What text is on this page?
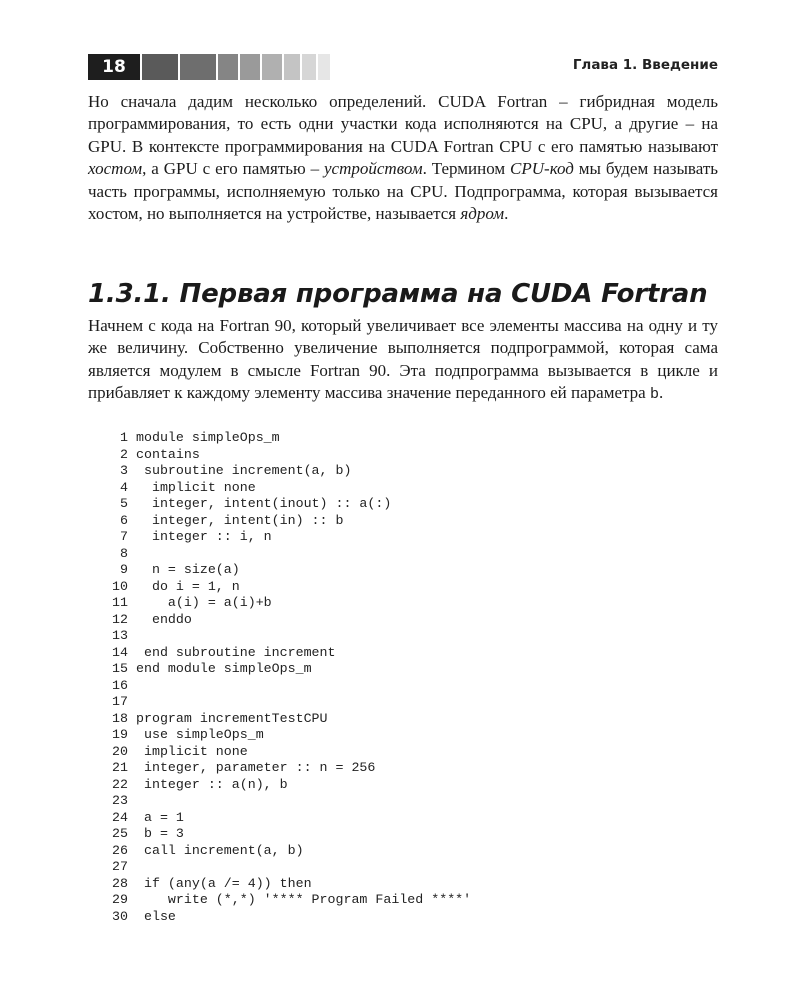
18	Глава 1. Введение
Но сначала дадим несколько определений. CUDA Fortran – гибридная модель программирования, то есть одни участки кода исполняются на CPU, а другие – на GPU. В контексте программирования на CUDA Fortran CPU с его памятью называют хостом, а GPU с его памятью – устройством. Термином CPU-код мы будем называть часть программы, исполняемую только на CPU. Подпрограмма, которая вызывается хостом, но выполняется на устройстве, называется ядром.
1.3.1. Первая программа на CUDA Fortran
Начнем с кода на Fortran 90, который увеличивает все элементы массива на одну и ту же величину. Собственно увеличение выполняется подпрограммой, которая сама является модулем в смысле Fortran 90. Эта подпрограмма вызывается в цикле и прибавляет к каждому элементу массива значение переданного ей параметра b.
1 module simpleOps_m
2 contains
3 subroutine increment(a, b)
4  implicit none
5  integer, intent(inout) :: a(:)
6  integer, intent(in) :: b
7  integer :: i, n
8
9  n = size(a)
10  do i = 1, n
11    a(i) = a(i)+b
12  enddo
13
14 end subroutine increment
15 end module simpleOps_m
16
17
18 program incrementTestCPU
19 use simpleOps_m
20 implicit none
21 integer, parameter :: n = 256
22 integer :: a(n), b
23
24 a = 1
25 b = 3
26 call increment(a, b)
27
28 if (any(a /= 4)) then
29    write (*,*) '**** Program Failed ****'
30 else
